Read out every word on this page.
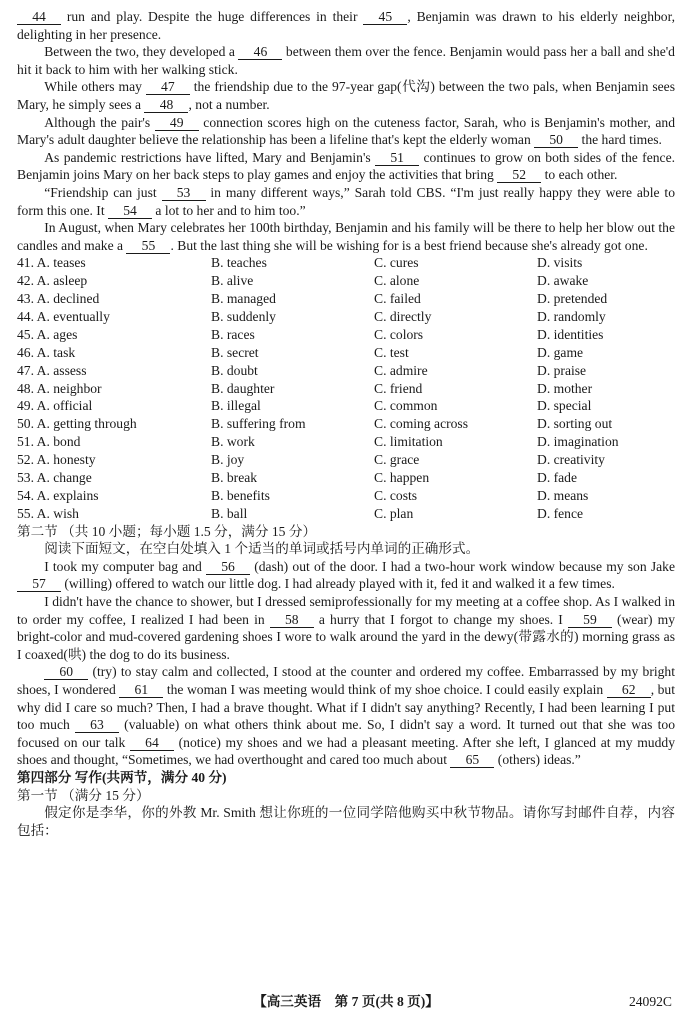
44 run and play. Despite the huge differences in their 45 , Benjamin was drawn to his elderly neighbor, delighting in her presence.

Between the two, they developed a 46 between them over the fence. Benjamin would pass her a ball and she'd hit it back to him with her walking stick.

While others may 47 the friendship due to the 97-year gap(代沟) between the two pals, when Benjamin sees Mary, he simply sees a 48 , not a number.

Although the pair's 49 connection scores high on the cuteness factor, Sarah, who is Benjamin's mother, and Mary's adult daughter believe the relationship has been a lifeline that's kept the elderly woman 50 the hard times.

As pandemic restrictions have lifted, Mary and Benjamin's 51 continues to grow on both sides of the fence. Benjamin joins Mary on her back steps to play games and enjoy the activities that bring 52 to each other.

“Friendship can just 53 in many different ways,” Sarah told CBS. “I'm just really happy they were able to form this one. It 54 a lot to her and to him too.”

In August, when Mary celebrates her 100th birthday, Benjamin and his family will be there to help her blow out the candles and make a 55 . But the last thing she will be wishing for is a best friend because she's already got one.

41. A. teases	B. teaches	C. cures	D. visits
42. A. asleep	B. alive	C. alone	D. awake
43. A. declined	B. managed	C. failed	D. pretended
44. A. eventually	B. suddenly	C. directly	D. randomly
45. A. ages	B. races	C. colors	D. identities
46. A. task	B. secret	C. test	D. game
47. A. assess	B. doubt	C. admire	D. praise
48. A. neighbor	B. daughter	C. friend	D. mother
49. A. official	B. illegal	C. common	D. special
50. A. getting through	B. suffering from	C. coming across	D. sorting out
51. A. bond	B. work	C. limitation	D. imagination
52. A. honesty	B. joy	C. grace	D. creativity
53. A. change	B. break	C. happen	D. fade
54. A. explains	B. benefits	C. costs	D. means
55. A. wish	B. ball	C. plan	D. fence

第二节 （共 10 小题；每小题 1.5 分，满分 15 分）

阅读下面短文，在空白处填入 1 个适当的单词或括号内单词的正确形式。

I took my computer bag and 56 (dash) out of the door. I had a two-hour work window because my son Jake 57 (willing) offered to watch our little dog. I had already played with it, fed it and walked it a few times.

I didn't have the chance to shower, but I dressed semiprofessionally for my meeting at a coffee shop. As I walked in to order my coffee, I realized I had been in 58 a hurry that I forgot to change my shoes. I 59 (wear) my bright-color and mud-covered gardening shoes I wore to walk around the yard in the dewy(带露水的) morning grass as I coaxed(哄) the dog to do its business.

60 (try) to stay calm and collected, I stood at the counter and ordered my coffee. Embarrassed by my bright shoes, I wondered 61 the woman I was meeting would think of my shoe choice. I could easily explain 62 , but why did I care so much? Then, I had a brave thought. What if I didn't say anything? Recently, I had been learning I put too much 63 (valuable) on what others think about me. So, I didn't say a word. It turned out that she was too focused on our talk 64 (notice) my shoes and we had a pleasant meeting. After she left, I glanced at my muddy shoes and thought, “Sometimes, we had overthought and cared too much about 65 (others) ideas.”

第四部分 写作(共两节，满分 40 分)

第一节 （满分 15 分）

假定你是李华，你的外教 Mr. Smith 想让你班的一位同学陪他购买中秋节物品。请你写封邮件自荐，内容包括：

【高三英语　第 7 页(共 8 页)】	24092C
